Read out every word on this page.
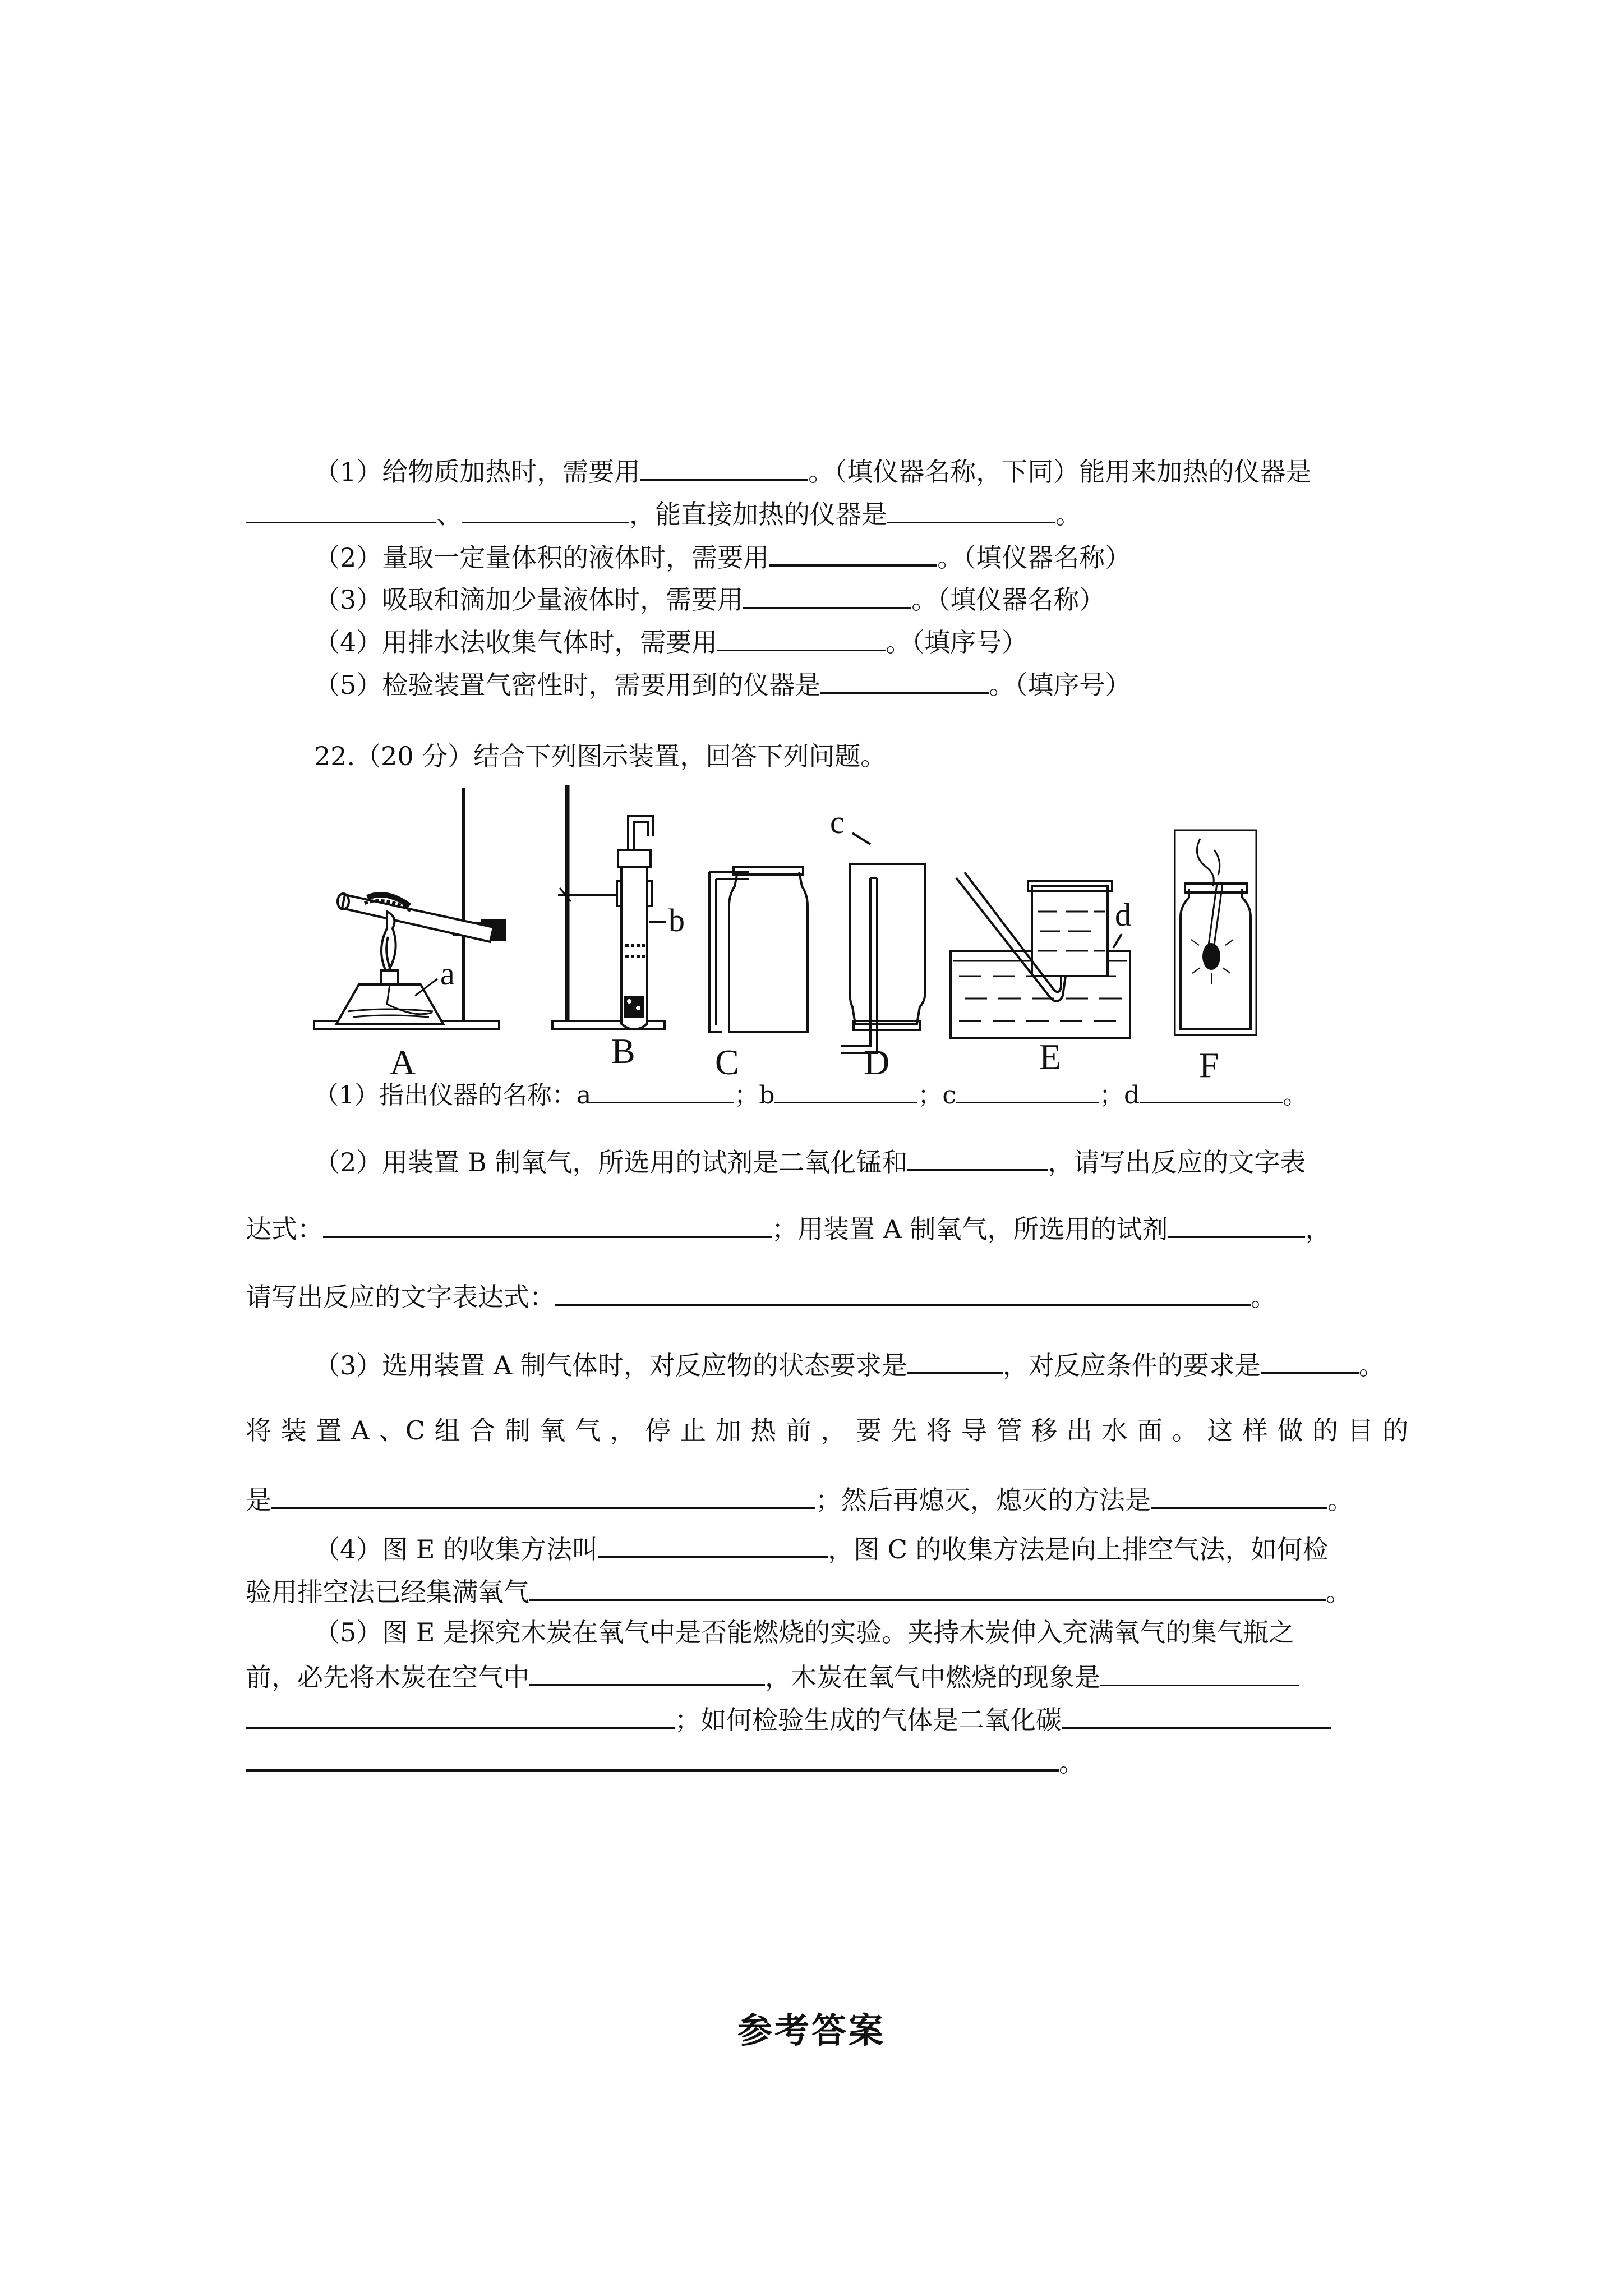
（1）给物质加热时，需要用	。（填仪器名称，下同）能用来加热的仪器是
、	，能直接加热的仪器是	。
（2）量取一定量体积的液体时，需要用	。（填仪器名称）
（3）吸取和滴加少量液体时，需要用	。（填仪器名称）
（4）用排水法收集气体时，需要用	。（填序号）
（5）检验装置气密性时，需要用到的仪器是	。（填序号）
22.（20 分）结合下列图示装置，回答下列问题。
a
A
b
B C
c
D
d
E	F
（1）指出仪器的名称：a	；b	；c	；d	。
（2）用装置 B 制氧气，所选用的试剂是二氧化锰和	，请写出反应的文字表
达式：	；用装置 A 制氧气，所选用的试剂	，
请写出反应的文字表达式：	。
（3）选用装置 A 制气体时，对反应物的状态要求是	，对反应条件的要求是	。
将 装 置 A 、C 组 合 制 氧 气 ， 停 止 加 热 前 ， 要 先 将 导 管 移 出 水 面 。 这 样 做 的 目 的
是	；然后再熄灭，熄灭的方法是	。
（4）图 E 的收集方法叫	，图 C 的收集方法是向上排空气法，如何检
验用排空法已经集满氧气	。
（5）图 E 是探究木炭在氧气中是否能燃烧的实验。夹持木炭伸入充满氧气的集气瓶之
前，必先将木炭在空气中	，木炭在氧气中燃烧的现象是
；如何检验生成的气体是二氧化碳
。
参考答案
